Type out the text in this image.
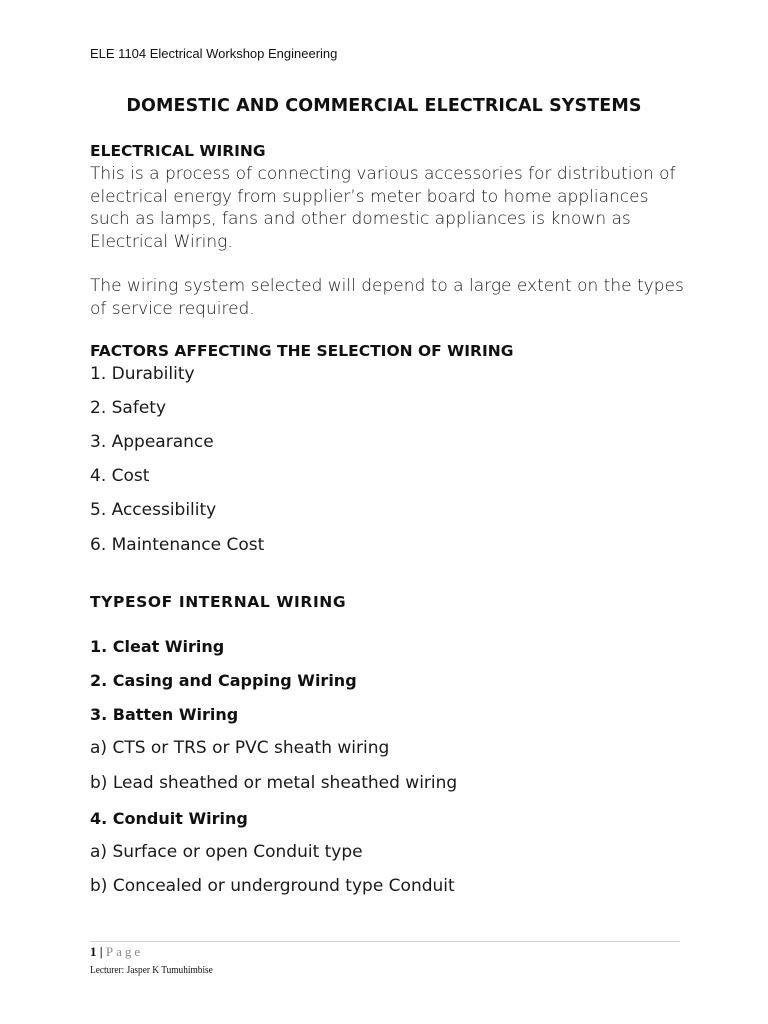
ELE 1104 Electrical Workshop Engineering
DOMESTIC AND COMMERCIAL ELECTRICAL SYSTEMS
ELECTRICAL WIRING
This is a process of connecting various accessories for distribution of
electrical energy from supplier’s meter board to home appliances
such as lamps, fans and other domestic appliances is known as
Electrical Wiring.
The wiring system selected will depend to a large extent on the types
of service required.
FACTORS AFFECTING THE SELECTION OF WIRING
1. Durability
2. Safety
3. Appearance
4. Cost
5. Accessibility
6. Maintenance Cost
TYPESOF INTERNAL WIRING
1. Cleat Wiring
2. Casing and Capping Wiring
3. Batten Wiring
a) CTS or TRS or PVC sheath wiring
b) Lead sheathed or metal sheathed wiring
4. Conduit Wiring
a) Surface or open Conduit type
b) Concealed or underground type Conduit
1 | Page
Lecturer: Jasper K Tumuhimbise
